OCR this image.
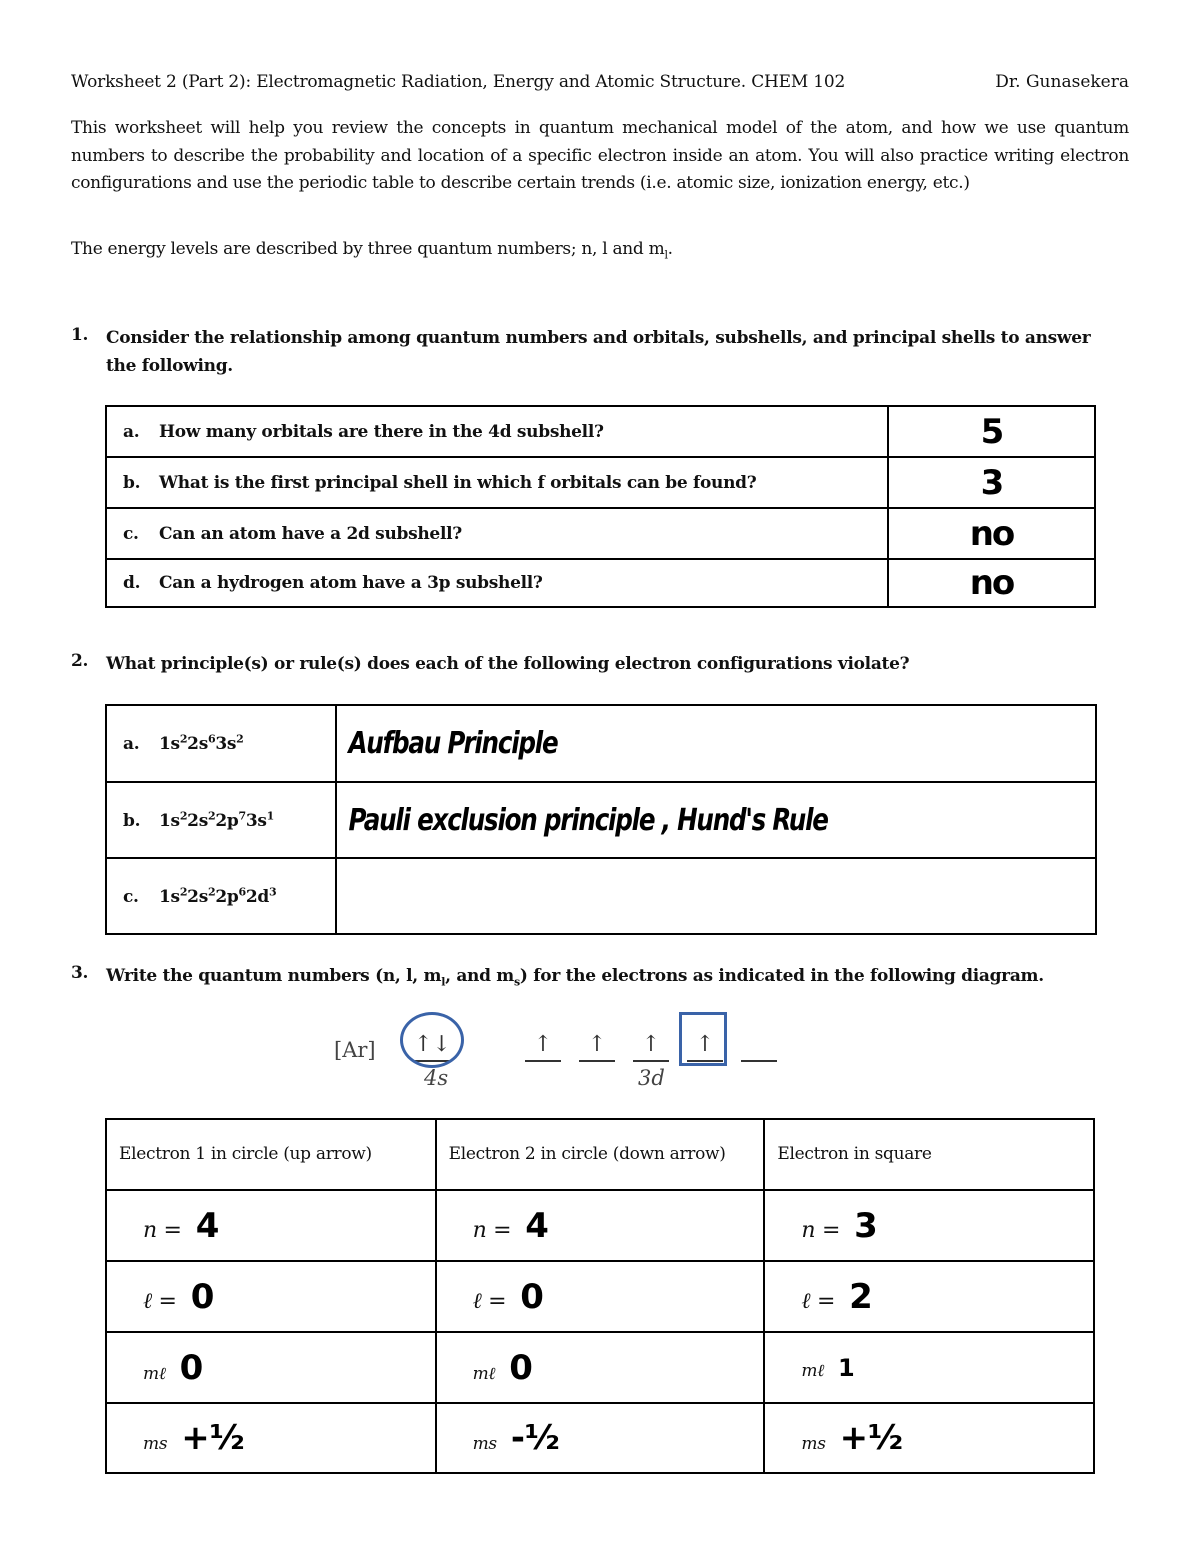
Worksheet 2 (Part 2): Electromagnetic Radiation, Energy and Atomic Structure. CHEM 102	Dr. Gunasekera
This worksheet will help you review the concepts in quantum mechanical model of the atom, and how we use quantum numbers to describe the probability and location of a specific electron inside an atom. You will also practice writing electron configurations and use the periodic table to describe certain trends (i.e. atomic size, ionization energy, etc.)
The energy levels are described by three quantum numbers; n, l and $m_l$.
1. Consider the relationship among quantum numbers and orbitals, subshells, and principal shells to answer the following.
a. How many orbitals are there in the 4d subshell?	5
b. What is the first principal shell in which f orbitals can be found?	3
c. Can an atom have a 2d subshell?	no
d. Can a hydrogen atom have a 3p subshell?	no
2. What principle(s) or rule(s) does each of the following electron configurations violate?
a. $1s^22s^63s^2$	Aufbau Principle

b. $1s^22s^22p^73s^1$	Pauli exclusion principle , Hund's Rule

c. $1s^22s^22p^62d^3$	
3. Write the quantum numbers (n, l, $m_l$, and $m_s$) for the electrons as indicated in the following diagram.
[Ar] ↑↓
4s
↑	↑	↑	↑
3d
Electron 1 in circle (up arrow)	Electron 2 in circle (down arrow)	Electron in square
n = 4	n = 4	n = 3
ℓ = 0	ℓ = 0	ℓ = 2
mℓ 0	mℓ 0	mℓ 1
ms +½	ms -½	ms +½
